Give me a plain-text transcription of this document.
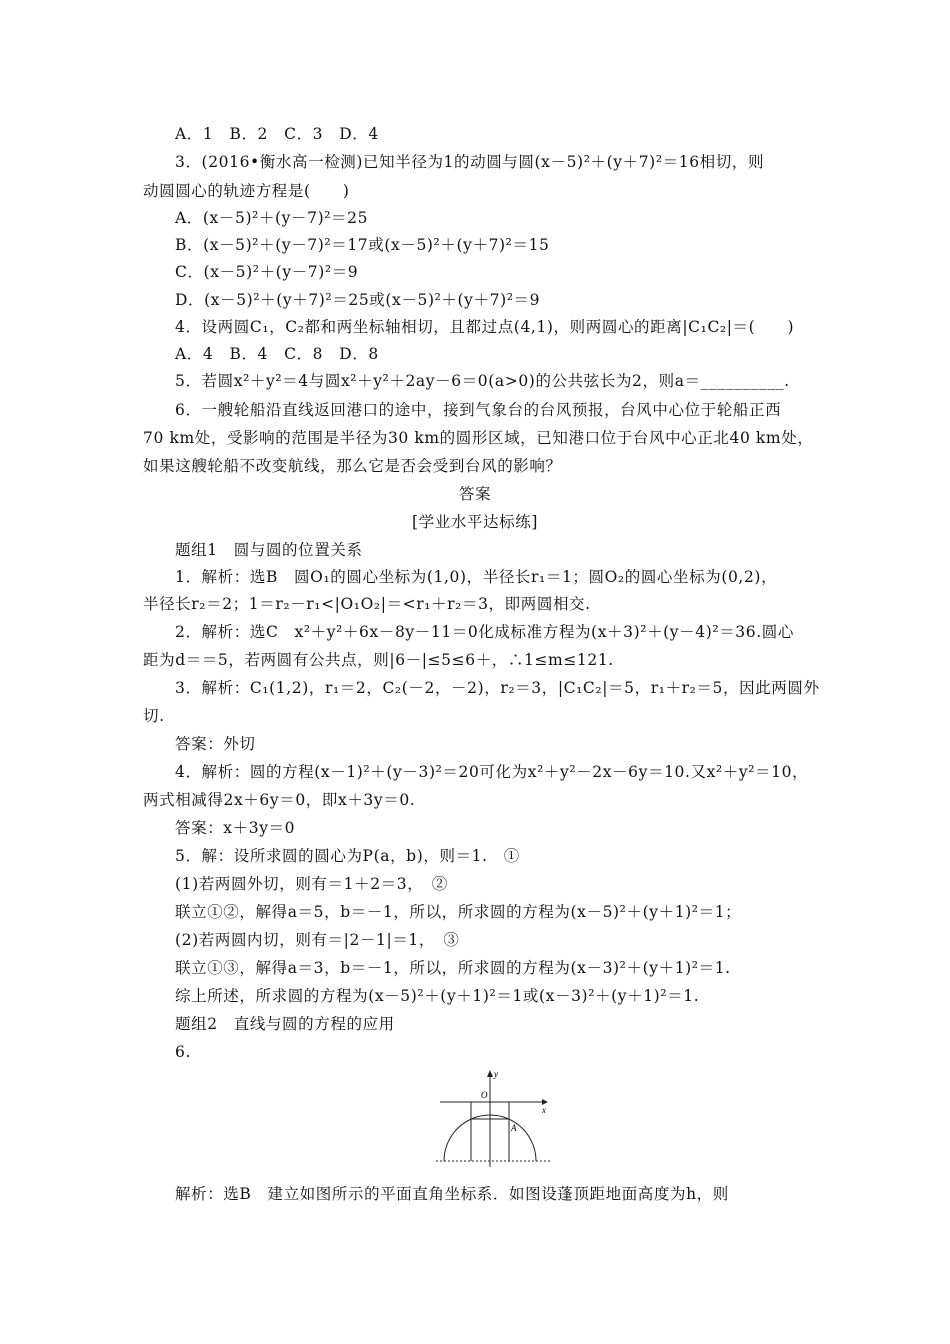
A．1　B．2　C．3　D．4
3．(2016•衡水高一检测)已知半径为1的动圆与圆(x－5)²＋(y＋7)²＝16相切，则
动圆圆心的轨迹方程是(　　)
A．(x－5)²＋(y－7)²＝25
B．(x－5)²＋(y－7)²＝17或(x－5)²＋(y＋7)²＝15
C．(x－5)²＋(y－7)²＝9
D．(x－5)²＋(y＋7)²＝25或(x－5)²＋(y＋7)²＝9
4．设两圆C₁，C₂都和两坐标轴相切，且都过点(4,1)，则两圆心的距离|C₁C₂|＝(　　)
A．4　B．4　C．8　D．8
5．若圆x²＋y²＝4与圆x²＋y²＋2ay－6＝0(a>0)的公共弦长为2，则a＝__________.
6．一艘轮船沿直线返回港口的途中，接到气象台的台风预报，台风中心位于轮船正西
70 km处，受影响的范围是半径为30 km的圆形区域，已知港口位于台风中心正北40 km处，
如果这艘轮船不改变航线，那么它是否会受到台风的影响？
答案
[学业水平达标练]
题组1　圆与圆的位置关系
1．解析：选B　圆O₁的圆心坐标为(1,0)，半径长r₁＝1；圆O₂的圆心坐标为(0,2)，
半径长r₂＝2；1＝r₂－r₁<|O₁O₂|＝<r₁＋r₂＝3，即两圆相交.
2．解析：选C　x²＋y²＋6x－8y－11＝0化成标准方程为(x＋3)²＋(y－4)²＝36.圆心
距为d＝＝5，若两圆有公共点，则|6－|≤5≤6＋，∴1≤m≤121.
3．解析：C₁(1,2)，r₁＝2，C₂(－2，－2)，r₂＝3，|C₁C₂|＝5，r₁＋r₂＝5，因此两圆外
切.
答案：外切
4．解析：圆的方程(x－1)²＋(y－3)²＝20可化为x²＋y²－2x－6y＝10.又x²＋y²＝10，
两式相减得2x＋6y＝0，即x＋3y＝0.
答案：x＋3y＝0
5．解：设所求圆的圆心为P(a，b)，则＝1.　①
(1)若两圆外切，则有＝1＋2＝3，　②
联立①②，解得a＝5，b＝－1，所以，所求圆的方程为(x－5)²＋(y＋1)²＝1；
(2)若两圆内切，则有＝|2－1|＝1，　③
联立①③，解得a＝3，b＝－1，所以，所求圆的方程为(x－3)²＋(y＋1)²＝1.
综上所述，所求圆的方程为(x－5)²＋(y＋1)²＝1或(x－3)²＋(y＋1)²＝1.
题组2　直线与圆的方程的应用
6.
y
x
O
A
解析：选B　建立如图所示的平面直角坐标系．如图设蓬顶距地面高度为h，则
